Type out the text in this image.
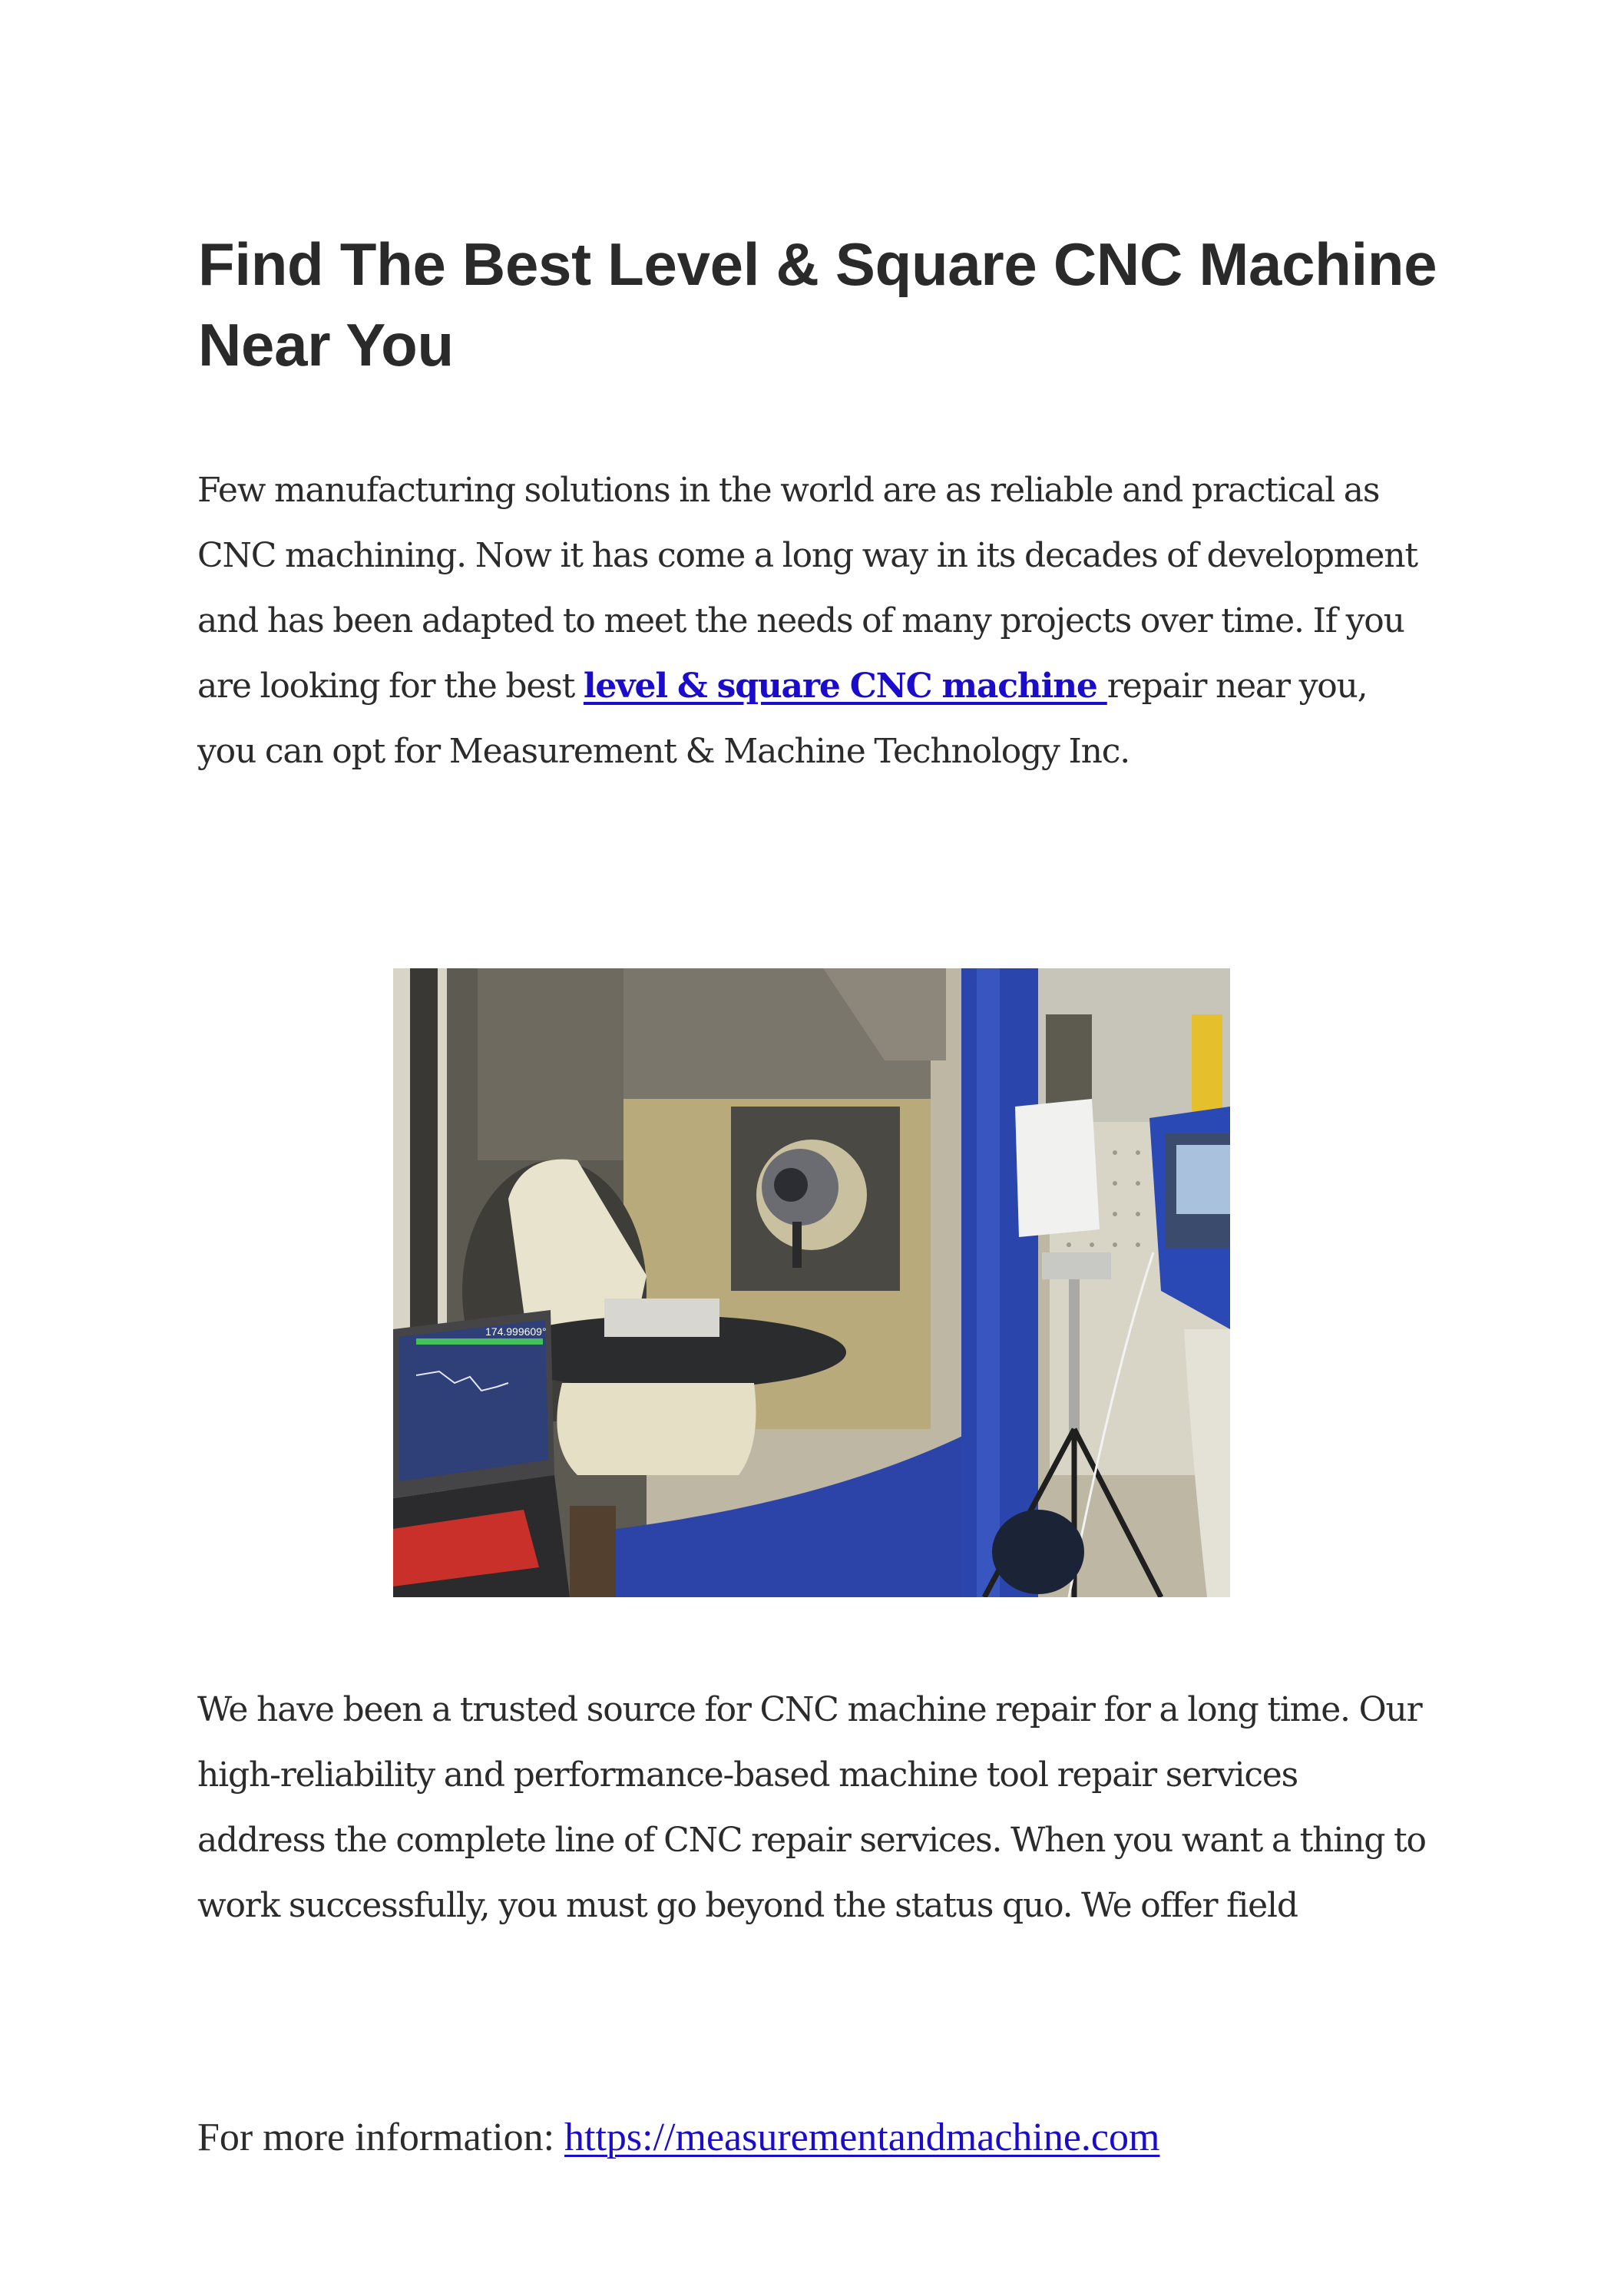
Find The Best Level & Square CNC Machine
Near You

Few manufacturing solutions in the world are as reliable and practical as CNC machining. Now it has come a long way in its decades of development and has been adapted to meet the needs of many projects over time. If you are looking for the best level & square CNC machine repair near you, you can opt for Measurement & Machine Technology Inc.

174.999609°

We have been a trusted source for CNC machine repair for a long time. Our high-reliability and performance-based machine tool repair services address the complete line of CNC repair services. When you want a thing to work successfully, you must go beyond the status quo. We offer field

For more information: https://measurementandmachine.com
